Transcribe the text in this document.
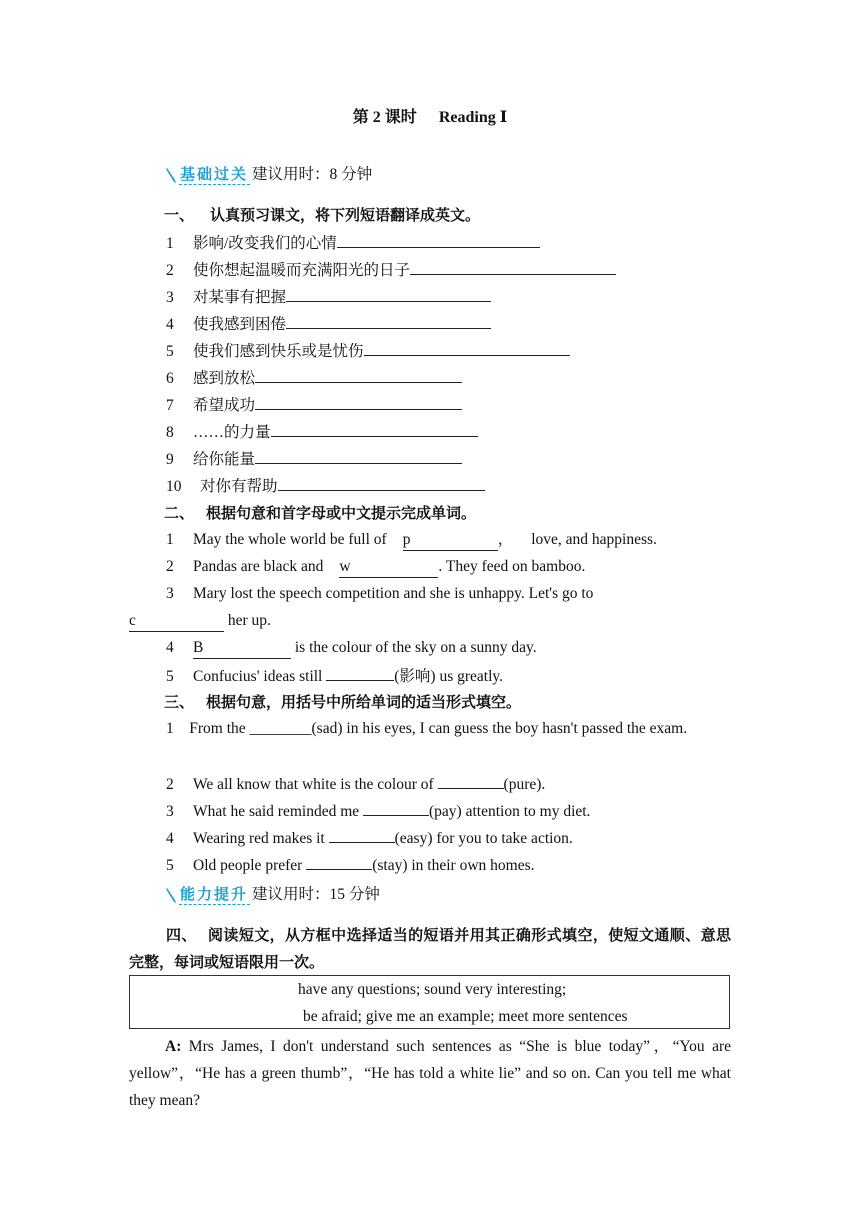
第 2 课时 Reading Ⅰ
基础过关 建议用时：8 分钟
一、 认真预习课文，将下列短语翻译成英文。
1 影响/改变我们的心情
2 使你想起温暖而充满阳光的日子
3 对某事有把握
4 使我感到困倦
5 使我们感到快乐或是忧伤
6 感到放松
7 希望成功
8 ……的力量
9 给你能量
10 对你有帮助
二、 根据句意和首字母或中文提示完成单词。
1 May the whole world be full of p	， love, and happiness.
2 Pandas are black and w	. They feed on bamboo.
3 Mary lost the speech competition and she is unhappy. Let's go to
c	her up.
4 B	is the colour of the sky on a sunny day.
5 Confucius' ideas still	(影响) us greatly.
三、 根据句意，用括号中所给单词的适当形式填空。
1 From the ________(sad) in his eyes, I can guess the boy hasn't passed the exam.
2 We all know that white is the colour of	(pure).
3 What he said reminded me	(pay) attention to my diet.
4 Wearing red makes it	(easy) for you to take action.
5 Old people prefer	(stay) in their own homes.
能力提升 建议用时：15 分钟
四、 阅读短文，从方框中选择适当的短语并用其正确形式填空，使短文通顺、意思完整，每词或短语限用一次。
have any questions; sound very interesting;
be afraid; give me an example; meet more sentences
A: Mrs James, I don't understand such sentences as “She is blue today”，“You are yellow”，“He has a green thumb”，“He has told a white lie” and so on. Can you tell me what they mean?
